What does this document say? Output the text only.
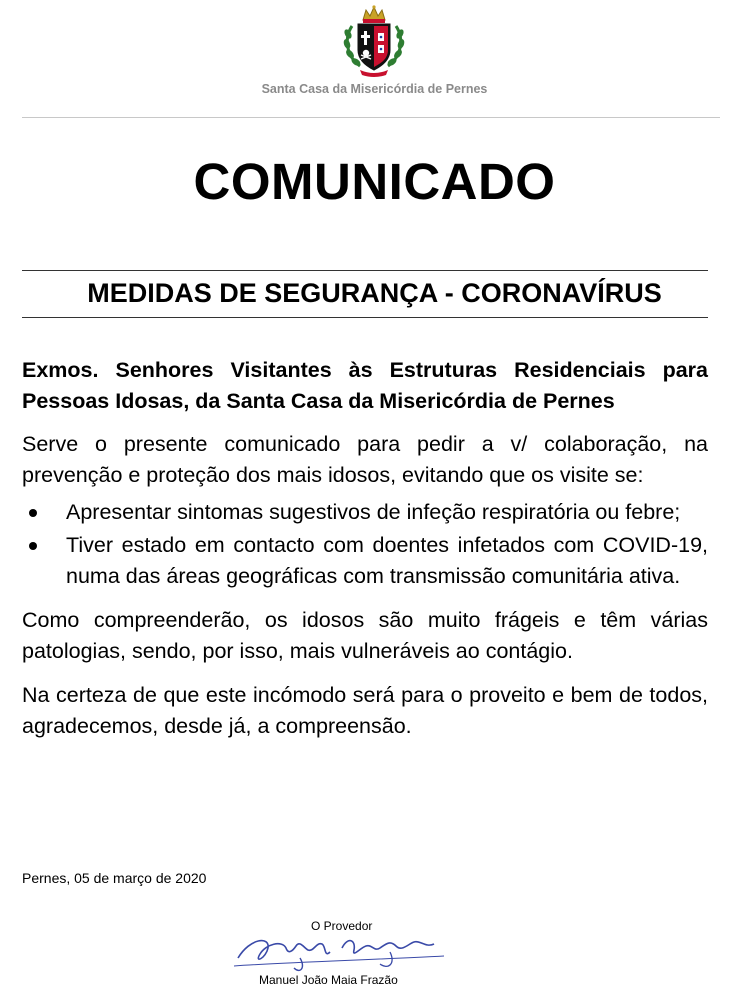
Santa Casa da Misericórdia de Pernes
COMUNICADO
MEDIDAS DE SEGURANÇA - CORONAVÍRUS

Exmos. Senhores Visitantes às Estruturas Residenciais para Pessoas Idosas, da Santa Casa da Misericórdia de Pernes

Serve o presente comunicado para pedir a v/ colaboração, na prevenção e proteção dos mais idosos, evitando que os visite se:

Apresentar sintomas sugestivos de infeção respiratória ou febre;
Tiver estado em contacto com doentes infetados com COVID-19, numa das áreas geográficas com transmissão comunitária ativa.

Como compreenderão, os idosos são muito frágeis e têm várias patologias, sendo, por isso, mais vulneráveis ao contágio.

Na certeza de que este incómodo será para o proveito e bem de todos, agradecemos, desde já, a compreensão.

Pernes, 05 de março de 2020
O Provedor
Manuel João Maia Frazão
